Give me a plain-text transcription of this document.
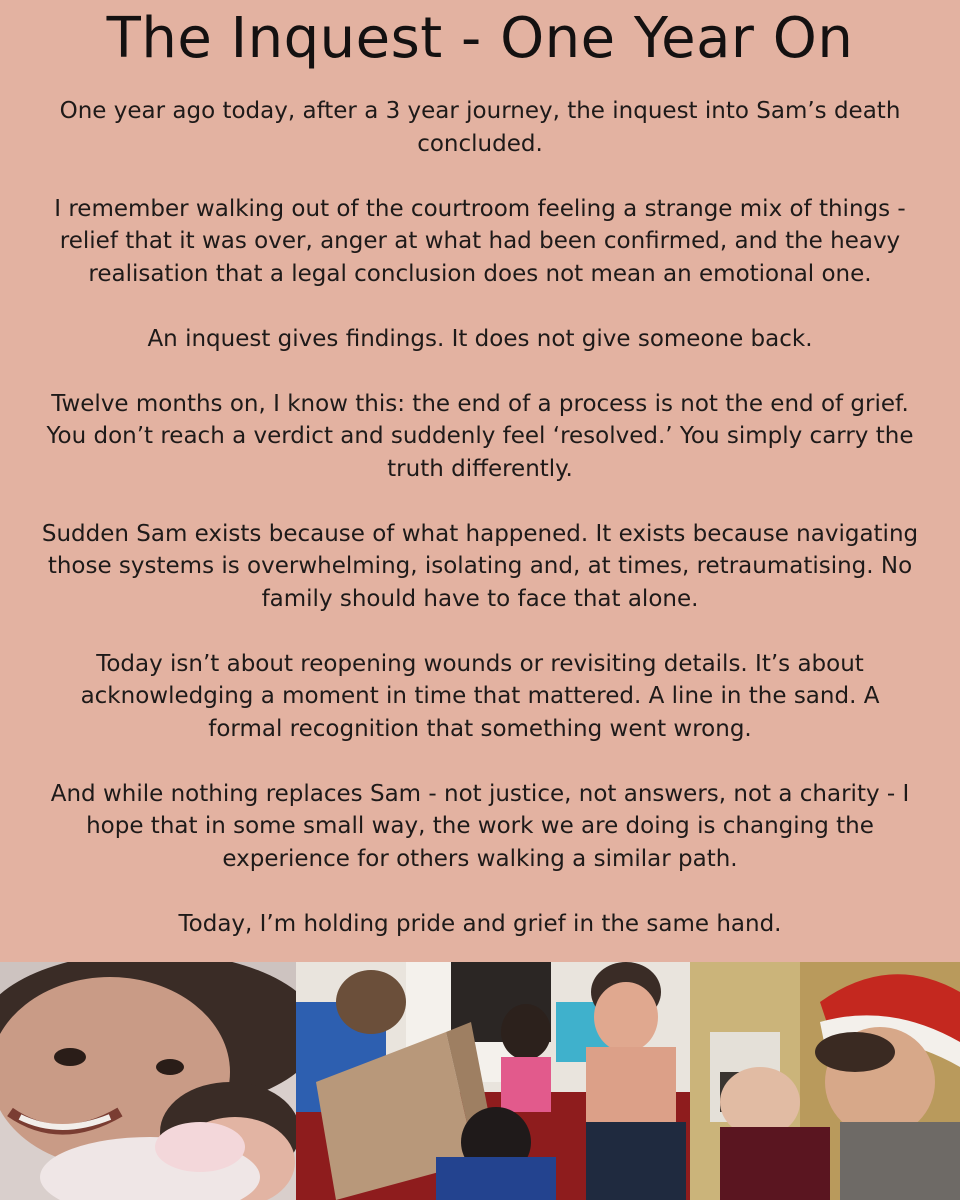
The Inquest - One Year On

One year ago today, after a 3 year journey, the inquest into Sam’s death concluded.

I remember walking out of the courtroom feeling a strange mix of things - relief that it was over, anger at what had been confirmed, and the heavy realisation that a legal conclusion does not mean an emotional one.

An inquest gives findings. It does not give someone back.

Twelve months on, I know this: the end of a process is not the end of grief. You don’t reach a verdict and suddenly feel ‘resolved.’ You simply carry the truth differently.

Sudden Sam exists because of what happened. It exists because navigating those systems is overwhelming, isolating and, at times, retraumatising. No family should have to face that alone.

Today isn’t about reopening wounds or revisiting details. It’s about acknowledging a moment in time that mattered. A line in the sand. A formal recognition that something went wrong.

And while nothing replaces Sam - not justice, not answers, not a charity - I hope that in some small way, the work we are doing is changing the experience for others walking a similar path.

Today, I’m holding pride and grief in the same hand.
